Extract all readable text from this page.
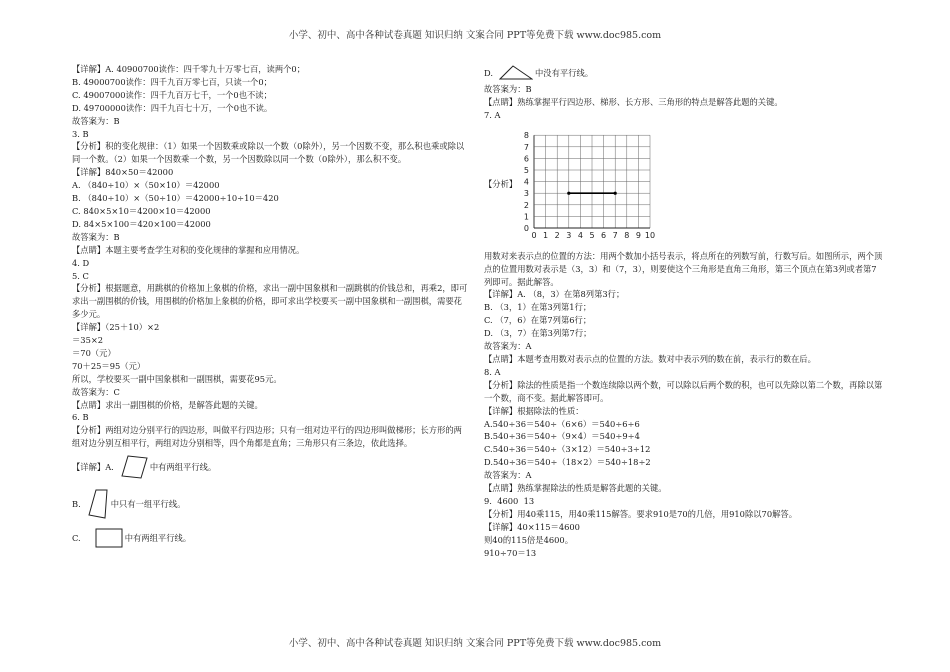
小学、初中、高中各种试卷真题 知识归纳 文案合同 PPT等免费下载 www.doc985.com
小学、初中、高中各种试卷真题 知识归纳 文案合同 PPT等免费下载 www.doc985.com
【详解】A. 40900700读作：四千零九十万零七百，读两个0；
B. 49000700读作：四千九百万零七百，只读一个0；
C. 49007000读作：四千九百万七千，一个0也不读；
D. 49700000读作：四千九百七十万，一个0也不读。
故答案为：B
3. B
【分析】积的变化规律：（1）如果一个因数乘或除以一个数（0除外），另一个因数不变，那么积也乘或除以同一个数。（2）如果一个因数乘一个数，另一个因数除以同一个数（0除外），那么积不变。
【详解】840×50＝42000
A. （840÷10）×（50×10）＝42000
B. （840÷10）×（50÷10）＝42000÷10÷10＝420
C. 840×5×10＝4200×10＝42000
D. 84×5×100＝420×100＝42000
故答案为：B
【点睛】本题主要考查学生对积的变化规律的掌握和应用情况。
4. D
5. C
【分析】根据题意，用跳棋的价格加上象棋的价格，求出一副中国象棋和一副跳棋的价钱总和，再乘2，即可求出一副围棋的价钱，用围棋的价格加上象棋的价格，即可求出学校要买一副中国象棋和一副围棋，需要花多少元。
【详解】（25＋10）×2
＝35×2
＝70（元）
70＋25＝95（元）
所以，学校要买一副中国象棋和一副围棋，需要花95元。
故答案为：C
【点睛】求出一副围棋的价格，是解答此题的关键。
6. B
【分析】两组对边分别平行的四边形，叫做平行四边形；只有一组对边平行的四边形叫做梯形；长方形的两组对边分别互相平行，两组对边分别相等，四个角都是直角；三角形只有三条边，依此选择。
【详解】A.	中有两组平行线。
B.	中只有一组平行线。
C.	中有两组平行线。
D.	中没有平行线。
故答案为：B
【点睛】熟练掌握平行四边形、梯形、长方形、三角形的特点是解答此题的关键。
7. A
【分析】
0 1 2 3 4 5 6 7 8 9 10
0
1
2
3
4
5
6
7
8
用数对来表示点的位置的方法：用两个数加小括号表示，将点所在的列数写前，行数写后。如图所示，两个顶点的位置用数对表示是（3，3）和（7，3），则要使这个三角形是直角三角形，第三个顶点在第3列或者第7列即可。据此解答。
【详解】A. （8，3）在第8列第3行；
B. （3，1）在第3列第1行；
C. （7，6）在第7列第6行；
D. （3，7）在第3列第7行；
故答案为：A
【点睛】本题考查用数对表示点的位置的方法。数对中表示列的数在前，表示行的数在后。
8. A
【分析】除法的性质是指一个数连续除以两个数，可以除以后两个数的积，也可以先除以第二个数，再除以第一个数，商不变。据此解答即可。
【详解】根据除法的性质：
A.540÷36＝540÷（6×6）＝540÷6÷6
B.540÷36＝540÷（9×4）＝540÷9÷4
C.540÷36＝540÷（3×12）＝540÷3÷12
D.540÷36＝540÷（18×2）＝540÷18÷2
故答案为：A
【点睛】熟练掌握除法的性质是解答此题的关键。
9.  4600  13
【分析】用40乘115，用40乘115解答。要求910是70的几倍，用910除以70解答。
【详解】40×115＝4600
则40的115倍是4600。
910÷70＝13
